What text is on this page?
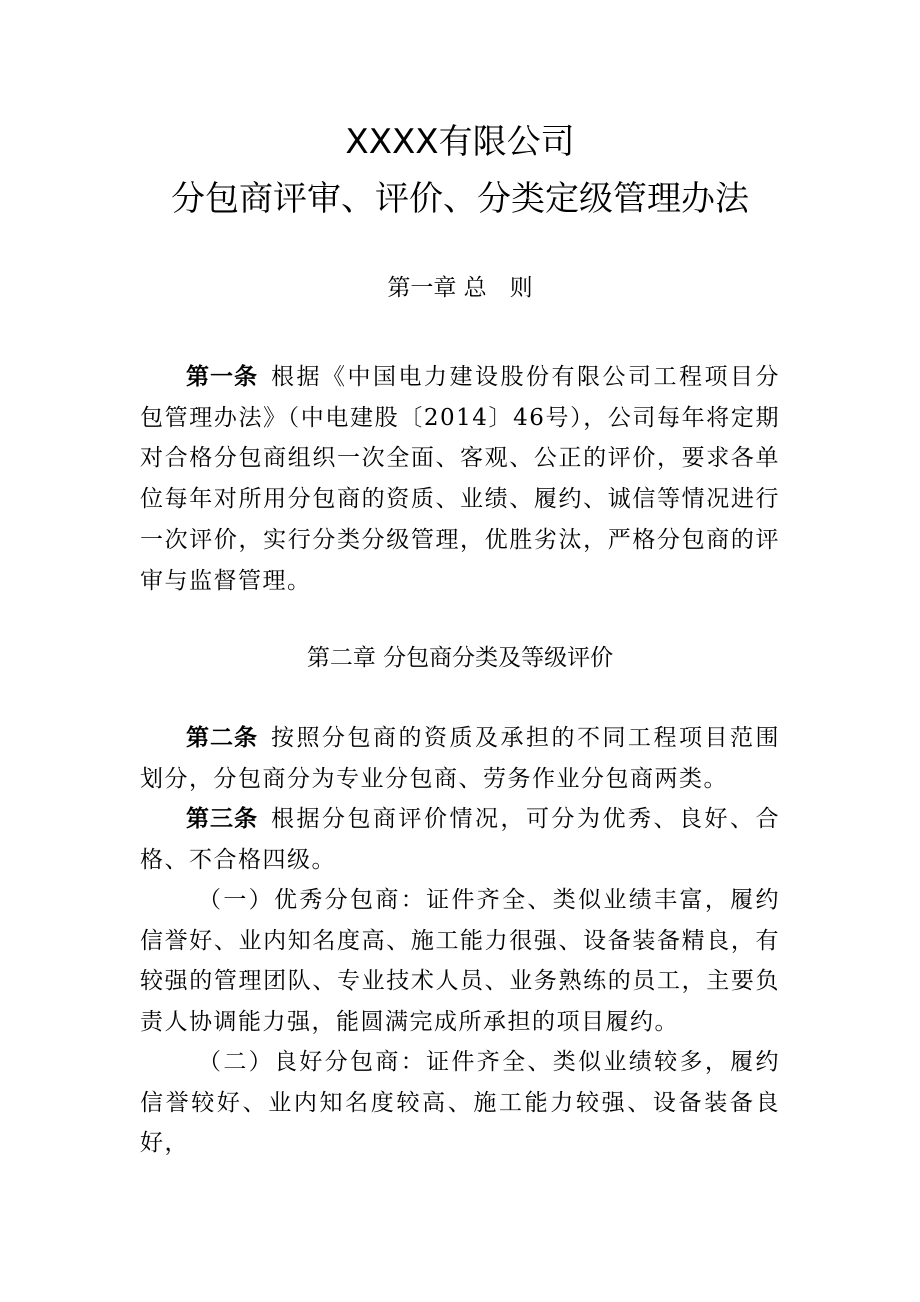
XXXX有限公司
分包商评审、评价、分类定级管理办法
第一章 总　则
第一条 根据《中国电力建设股份有限公司工程项目分包管理办法》（中电建股〔2014〕46号），公司每年将定期对合格分包商组织一次全面、客观、公正的评价，要求各单位每年对所用分包商的资质、业绩、履约、诚信等情况进行一次评价，实行分类分级管理，优胜劣汰，严格分包商的评审与监督管理。
第二章 分包商分类及等级评价
第二条 按照分包商的资质及承担的不同工程项目范围划分，分包商分为专业分包商、劳务作业分包商两类。
第三条 根据分包商评价情况，可分为优秀、良好、合格、不合格四级。
（一）优秀分包商：证件齐全、类似业绩丰富，履约信誉好、业内知名度高、施工能力很强、设备装备精良，有较强的管理团队、专业技术人员、业务熟练的员工，主要负责人协调能力强，能圆满完成所承担的项目履约。
（二）良好分包商：证件齐全、类似业绩较多，履约信誉较好、业内知名度较高、施工能力较强、设备装备良好，
